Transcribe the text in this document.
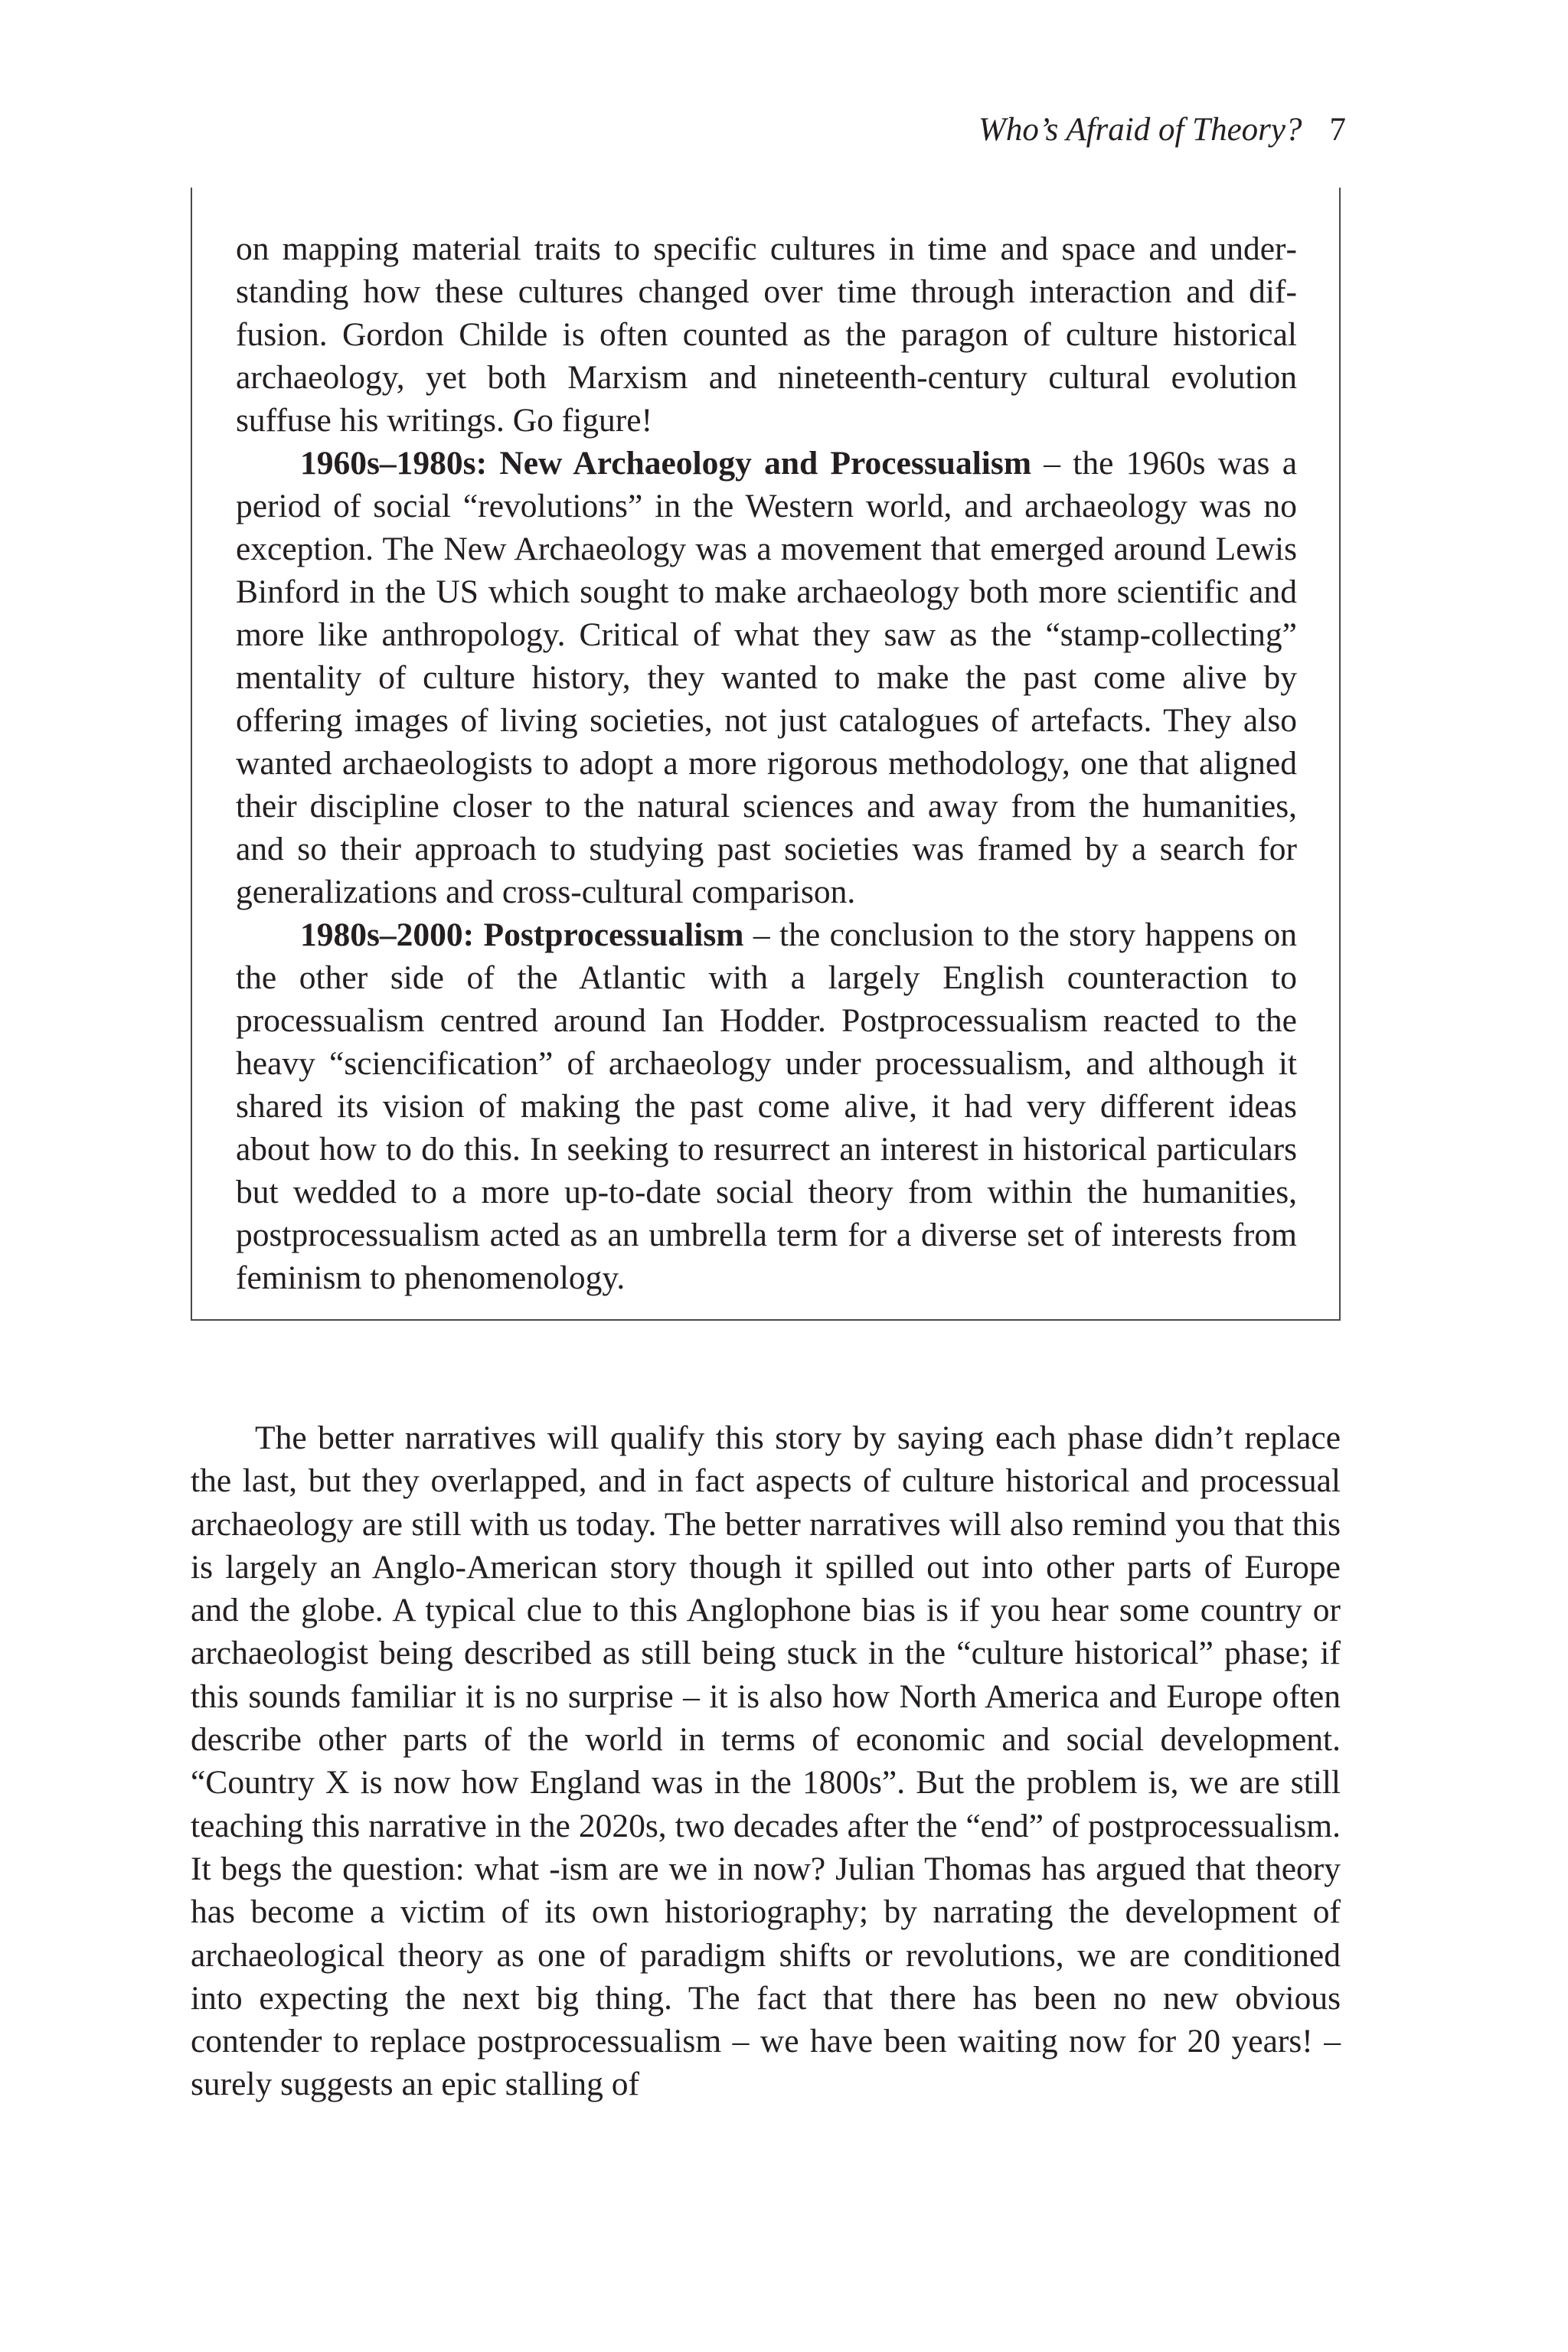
Who’s Afraid of Theory? 7

on mapping material traits to specific cultures in time and space and understanding how these cultures changed over time through interaction and diffusion. Gordon Childe is often counted as the paragon of culture historical archaeology, yet both Marxism and nineteenth-century cultural evolution suffuse his writings. Go figure!

1960s–1980s: New Archaeology and Processualism – the 1960s was a period of social “revolutions” in the Western world, and archaeology was no exception. The New Archaeology was a movement that emerged around Lewis Binford in the US which sought to make archaeology both more scientific and more like anthropology. Critical of what they saw as the “stamp-collecting” mentality of culture history, they wanted to make the past come alive by offering images of living societies, not just catalogues of artefacts. They also wanted archaeologists to adopt a more rigorous methodology, one that aligned their discipline closer to the natural sciences and away from the humanities, and so their approach to studying past societies was framed by a search for generalizations and cross-cultural comparison.

1980s–2000: Postprocessualism – the conclusion to the story happens on the other side of the Atlantic with a largely English counteraction to processualism centred around Ian Hodder. Postprocessualism reacted to the heavy “sciencification” of archaeology under processualism, and although it shared its vision of making the past come alive, it had very different ideas about how to do this. In seeking to resurrect an interest in historical particulars but wedded to a more up-to-date social theory from within the humanities, postprocessualism acted as an umbrella term for a diverse set of interests from feminism to phenomenology.

The better narratives will qualify this story by saying each phase didn’t replace the last, but they overlapped, and in fact aspects of culture historical and processual archaeology are still with us today. The better narratives will also remind you that this is largely an Anglo-American story though it spilled out into other parts of Europe and the globe. A typical clue to this Anglophone bias is if you hear some country or archaeologist being described as still being stuck in the “culture historical” phase; if this sounds familiar it is no surprise – it is also how North America and Europe often describe other parts of the world in terms of economic and social development. “Country X is now how England was in the 1800s”. But the problem is, we are still teaching this narrative in the 2020s, two decades after the “end” of postprocessualism. It begs the question: what -ism are we in now? Julian Thomas has argued that theory has become a victim of its own historiography; by narrating the development of archaeological theory as one of paradigm shifts or revolutions, we are conditioned into expecting the next big thing. The fact that there has been no new obvious contender to replace postprocessualism – we have been waiting now for 20 years! – surely suggests an epic stalling of
